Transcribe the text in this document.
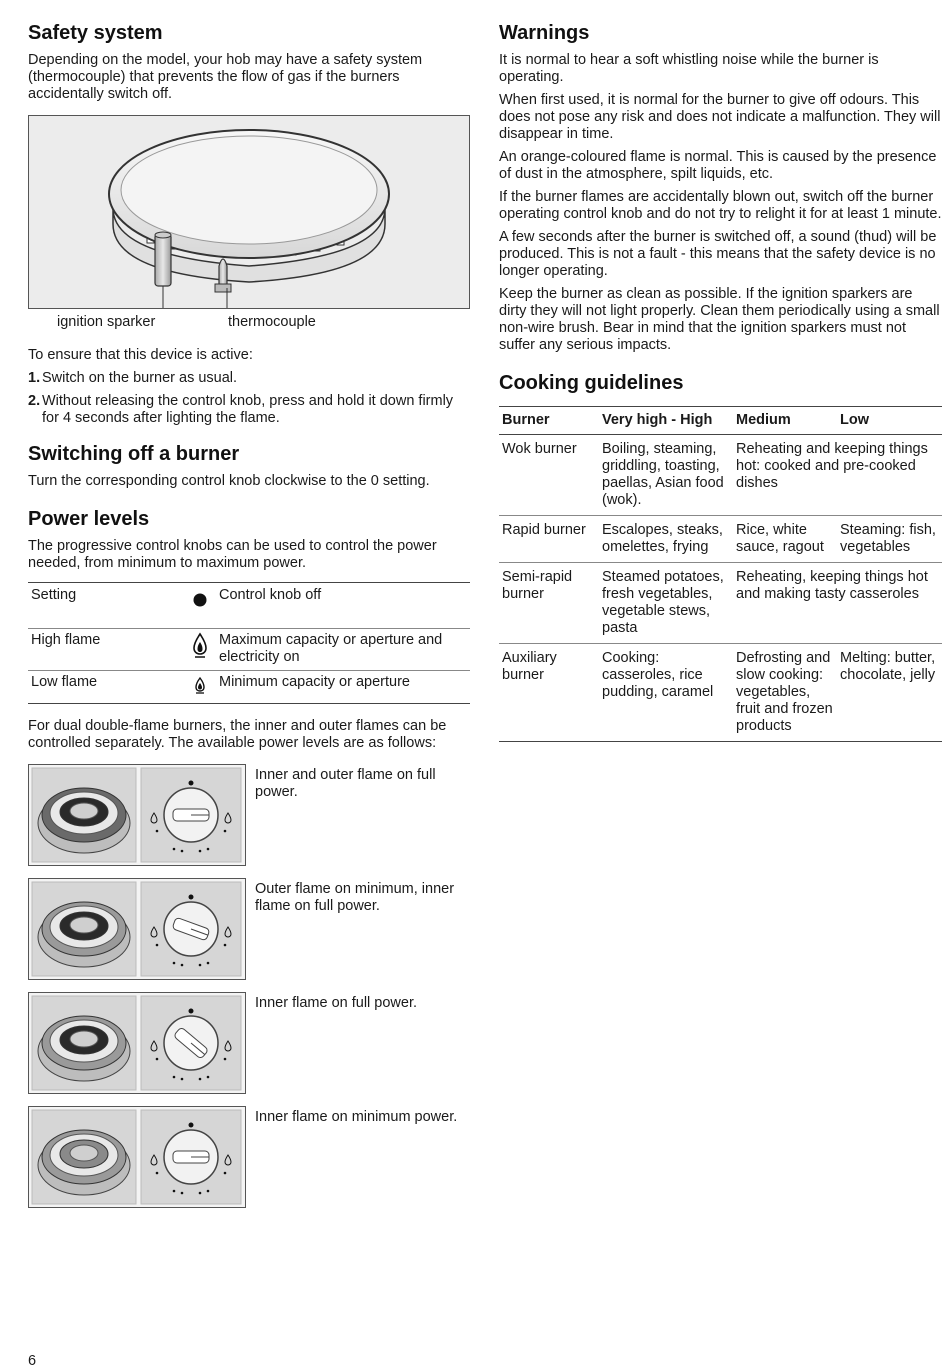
Safety system

Depending on the model, your hob may have a safety system (thermocouple) that prevents the flow of gas if the burners accidentally switch off.

ignition sparker	thermocouple

To ensure that this device is active:

1. Switch on the burner as usual.
2. Without releasing the control knob, press and hold it down firmly for 4 seconds after lighting the flame.
Switching off a burner

Turn the corresponding control knob clockwise to the 0 setting.

Power levels

The progressive control knobs can be used to control the power needed, from minimum to maximum power.

Setting		Control knob off
High flame		Maximum capacity or aperture and electricity on
Low flame		Minimum capacity or aperture

For dual double-flame burners, the inner and outer flames can be controlled separately. The available power levels are as follows:

Inner and outer flame on full power.
Outer flame on minimum, inner flame on full power.
Inner flame on full power.
Inner flame on minimum power.
Warnings

It is normal to hear a soft whistling noise while the burner is operating.

When first used, it is normal for the burner to give off odours. This does not pose any risk and does not indicate a malfunction. They will disappear in time.

An orange-coloured flame is normal. This is caused by the presence of dust in the atmosphere, spilt liquids, etc.

If the burner flames are accidentally blown out, switch off the burner operating control knob and do not try to relight it for at least 1 minute.

A few seconds after the burner is switched off, a sound (thud) will be produced. This is not a fault - this means that the safety device is no longer operating.

Keep the burner as clean as possible. If the ignition sparkers are dirty they will not light properly. Clean them periodically using a small non-wire brush. Bear in mind that the ignition sparkers must not suffer any serious impacts.

Cooking guidelines
Burner	Very high - High	Medium	Low
Wok burner	Boiling, steaming, griddling, toasting, paellas, Asian food (wok).	Reheating and keeping things hot: cooked and pre-cooked dishes	
Rapid burner	Escalopes, steaks, omelettes, frying	Rice, white sauce, ragout	Steaming: fish, vegetables
Semi-rapid burner	Steamed potatoes, fresh vegetables, vegetable stews, pasta	Reheating, keeping things hot and making tasty casseroles	
Auxiliary burner	Cooking: casseroles, rice pudding, caramel	Defrosting and slow cooking: vegetables, fruit and frozen products	Melting: butter, chocolate, jelly
6
